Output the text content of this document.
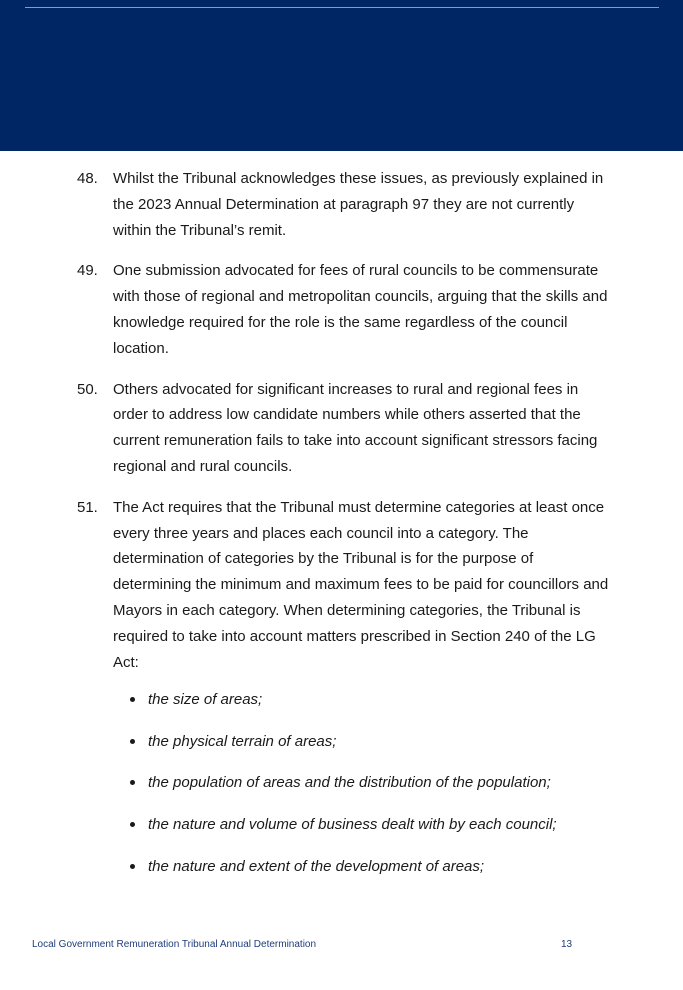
48. Whilst the Tribunal acknowledges these issues, as previously explained in the 2023 Annual Determination at paragraph 97 they are not currently within the Tribunal’s remit.
49. One submission advocated for fees of rural councils to be commensurate with those of regional and metropolitan councils, arguing that the skills and knowledge required for the role is the same regardless of the council location.
50. Others advocated for significant increases to rural and regional fees in order to address low candidate numbers while others asserted that the current remuneration fails to take into account significant stressors facing regional and rural councils.
51. The Act requires that the Tribunal must determine categories at least once every three years and places each council into a category. The determination of categories by the Tribunal is for the purpose of determining the minimum and maximum fees to be paid for councillors and Mayors in each category. When determining categories, the Tribunal is required to take into account matters prescribed in Section 240 of the LG Act:
the size of areas;
the physical terrain of areas;
the population of areas and the distribution of the population;
the nature and volume of business dealt with by each council;
the nature and extent of the development of areas;
Local Government Remuneration Tribunal Annual Determination	13
